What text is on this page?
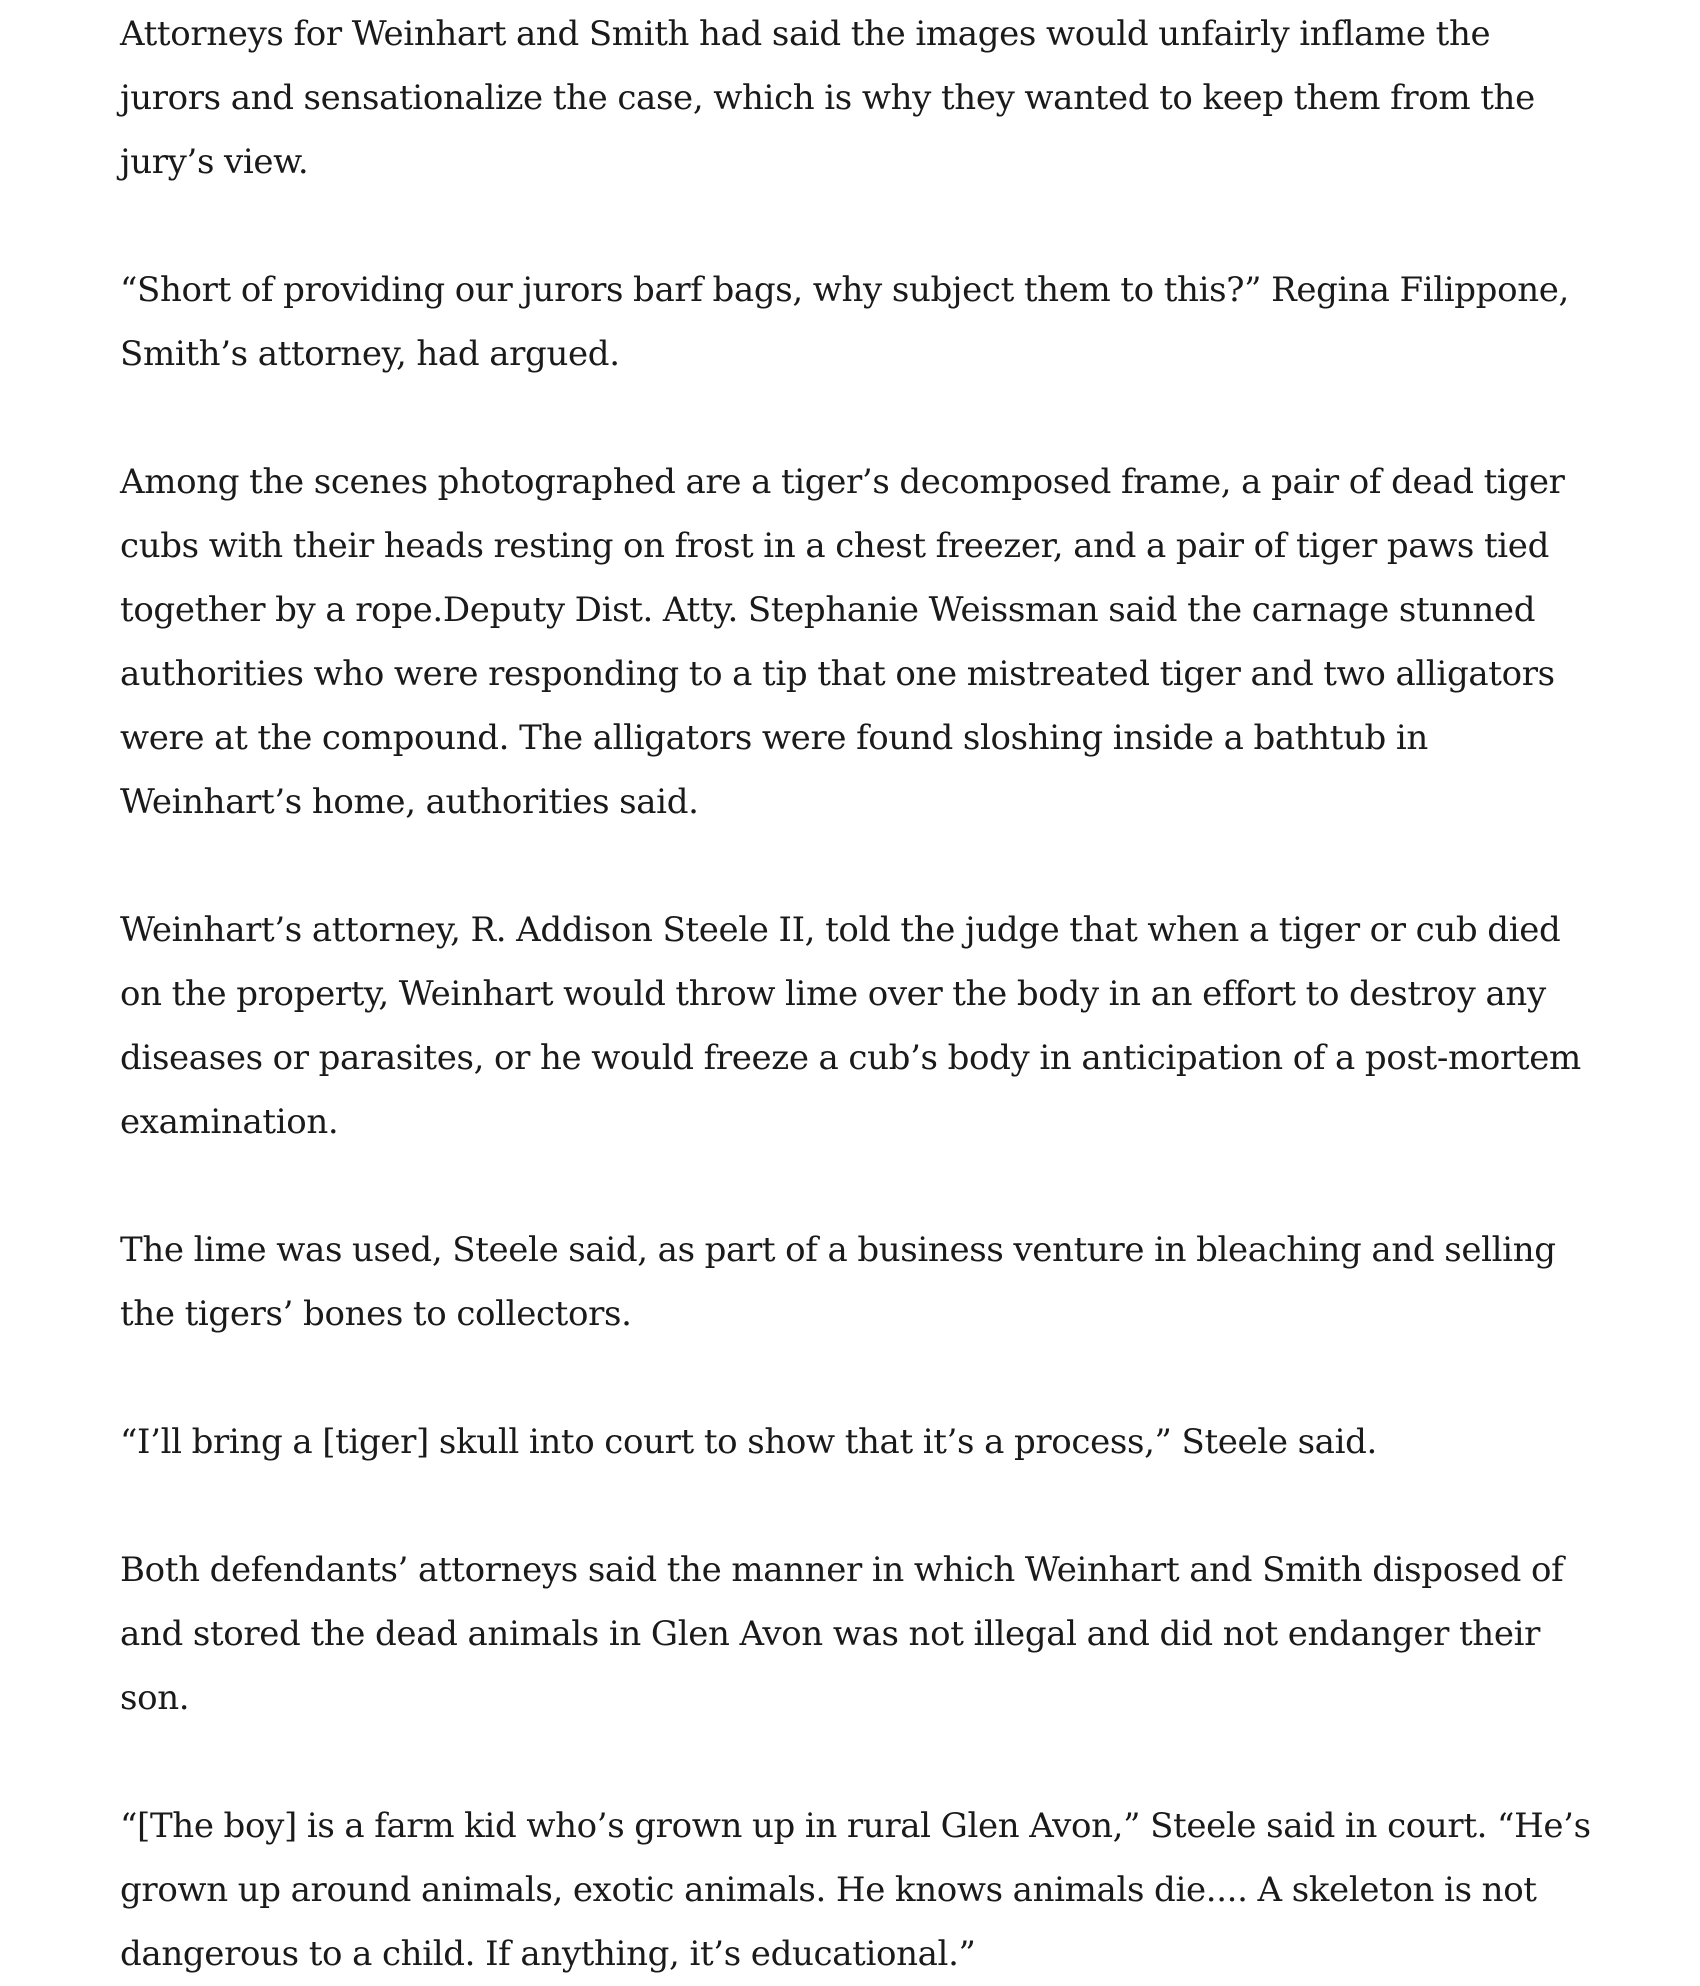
Attorneys for Weinhart and Smith had said the images would unfairly inflame the jurors and sensationalize the case, which is why they wanted to keep them from the jury’s view.

“Short of providing our jurors barf bags, why subject them to this?” Regina Filippone, Smith’s attorney, had argued.

Among the scenes photographed are a tiger’s decomposed frame, a pair of dead tiger cubs with their heads resting on frost in a chest freezer, and a pair of tiger paws tied together by a rope.Deputy Dist. Atty. Stephanie Weissman said the carnage stunned authorities who were responding to a tip that one mistreated tiger and two alligators were at the compound. The alligators were found sloshing inside a bathtub in Weinhart’s home, authorities said.

Weinhart’s attorney, R. Addison Steele II, told the judge that when a tiger or cub died on the property, Weinhart would throw lime over the body in an effort to destroy any diseases or parasites, or he would freeze a cub’s body in anticipation of a post-mortem examination.

The lime was used, Steele said, as part of a business venture in bleaching and selling the tigers’ bones to collectors.

“I’ll bring a [tiger] skull into court to show that it’s a process,” Steele said.

Both defendants’ attorneys said the manner in which Weinhart and Smith disposed of and stored the dead animals in Glen Avon was not illegal and did not endanger their son.

“[The boy] is a farm kid who’s grown up in rural Glen Avon,” Steele said in court. “He’s grown up around animals, exotic animals. He knows animals die.... A skeleton is not dangerous to a child. If anything, it’s educational.”
